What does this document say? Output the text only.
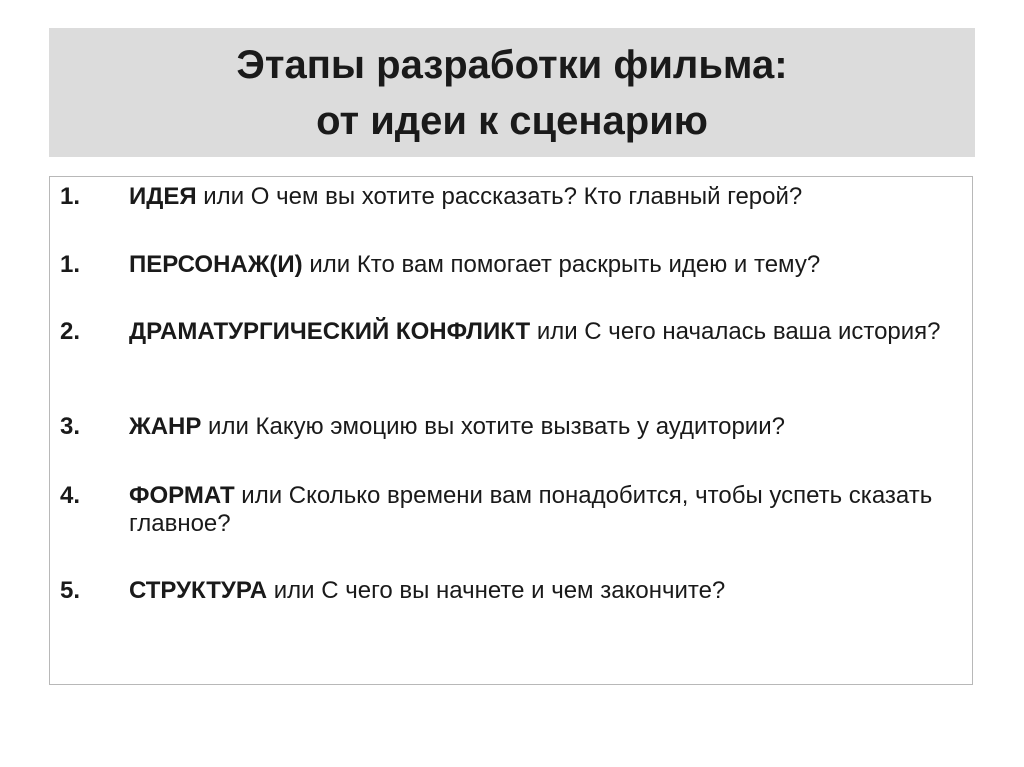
Этапы разработки фильма:
от идеи к сценарию
1. ИДЕЯ или О чем вы хотите рассказать? Кто главный герой?
1. ПЕРСОНАЖ(И) или Кто вам помогает раскрыть идею и тему?
2. ДРАМАТУРГИЧЕСКИЙ КОНФЛИКТ или С чего началась ваша история?
3. ЖАНР или Какую эмоцию вы хотите вызвать у аудитории?
4. ФОРМАТ или Сколько времени вам понадобится, чтобы успеть сказать главное?
5. СТРУКТУРА или С чего вы начнете и чем закончите?
